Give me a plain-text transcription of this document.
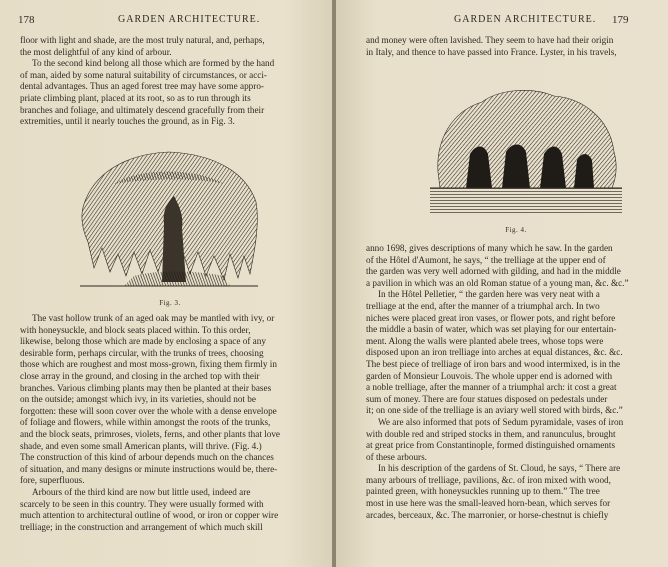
178	GARDEN ARCHITECTURE.

floor with light and shade, are the most truly natural, and, perhaps,

the most delightful of any kind of arbour.

To the second kind belong all those which are formed by the hand

of man, aided by some natural suitability of circumstances, or acci-

dental advantages. Thus an aged forest tree may have some appro-

priate climbing plant, placed at its root, so as to run through its

branches and foliage, and ultimately descend gracefully from their

extremities, until it nearly touches the ground, as in Fig. 3.

Fig. 3.

The vast hollow trunk of an aged oak may be mantled with ivy, or

with honeysuckle, and block seats placed within. To this order,

likewise, belong those which are made by enclosing a space of any

desirable form, perhaps circular, with the trunks of trees, choosing

those which are roughest and most moss-grown, fixing them firmly in

close array in the ground, and closing in the arched top with their

branches. Various climbing plants may then be planted at their bases

on the outside; amongst which ivy, in its varieties, should not be

forgotten: these will soon cover over the whole with a dense envelope

of foliage and flowers, while within amongst the roots of the trunks,

and the block seats, primroses, violets, ferns, and other plants that love

shade, and even some small American plants, will thrive. (Fig. 4.)

The construction of this kind of arbour depends much on the chances

of situation, and many designs or minute instructions would be, there-

fore, superfluous.

Arbours of the third kind are now but little used, indeed are

scarcely to be seen in this country. They were usually formed with

much attention to architectural outline of wood, or iron or copper wire

trelliage; in the construction and arrangement of which much skill

GARDEN ARCHITECTURE. 179

and money were often lavished. They seem to have had their origin

in Italy, and thence to have passed into France. Lyster, in his travels,

Fig. 4.

anno 1698, gives descriptions of many which he saw. In the garden

of the Hôtel d'Aumont, he says, “ the trelliage at the upper end of

the garden was very well adorned with gilding, and had in the middle

a pavilion in which was an old Roman statue of a young man, &c. &c.”

In the Hôtel Pelletier, “ the garden here was very neat with a

trelliage at the end, after the manner of a triumphal arch. In two

niches were placed great iron vases, or flower pots, and right before

the middle a basin of water, which was set playing for our entertain-

ment. Along the walls were planted abele trees, whose tops were

disposed upon an iron trelliage into arches at equal distances, &c. &c.

The best piece of trelliage of iron bars and wood intermixed, is in the

garden of Monsieur Louvois. The whole upper end is adorned with

a noble trelliage, after the manner of a triumphal arch: it cost a great

sum of money. There are four statues disposed on pedestals under

it; on one side of the trelliage is an aviary well stored with birds, &c.”

We are also informed that pots of Sedum pyramidale, vases of iron

with double red and striped stocks in them, and ranunculus, brought

at great price from Constantinople, formed distinguished ornaments

of these arbours.

In his description of the gardens of St. Cloud, he says, “ There are

many arbours of trelliage, pavilions, &c. of iron mixed with wood,

painted green, with honeysuckles running up to them.” The tree

most in use here was the small-leaved horn-bean, which serves for

arcades, berceaux, &c. The marronier, or horse-chestnut is chiefly
